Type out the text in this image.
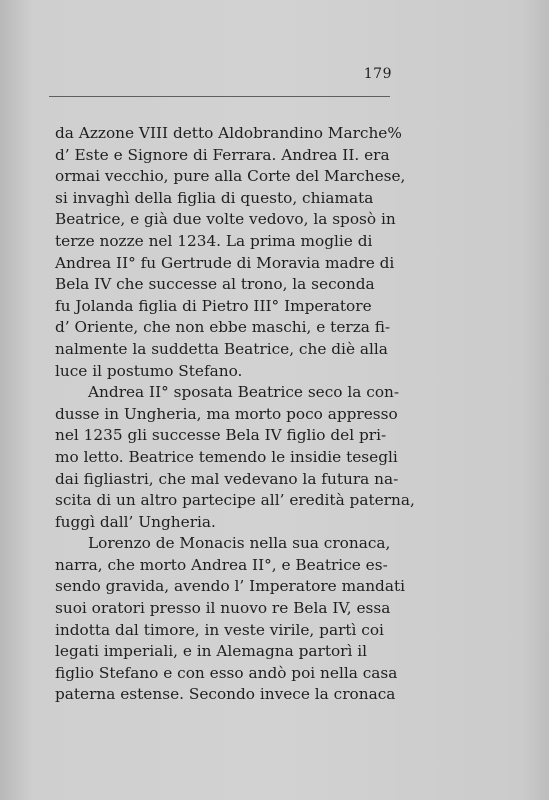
179

da Azzone VIII detto Aldobrandino Marche%
d’ Este e Signore di Ferrara. Andrea II. era
ormai vecchio, pure alla Corte del Marchese,
si invaghì della figlia di questo, chiamata
Beatrice, e già due volte vedovo, la sposò in
terze nozze nel 1234. La prima moglie di
Andrea II° fu Gertrude di Moravia madre di
Bela IV che successe al trono, la seconda
fu Jolanda figlia di Pietro III° Imperatore
d’ Oriente, che non ebbe maschi, e terza fi-
nalmente la suddetta Beatrice, che diè alla
luce il postumo Stefano.

Andrea II° sposata Beatrice seco la con-
dusse in Ungheria, ma morto poco appresso
nel 1235 gli successe Bela IV figlio del pri-
mo letto. Beatrice temendo le insidie tesegli
dai figliastri, che mal vedevano la futura na-
scita di un altro partecipe all’ eredità paterna,
fuggì dall’ Ungheria.

Lorenzo de Monacis nella sua cronaca,
narra, che morto Andrea II°, e Beatrice es-
sendo gravida, avendo l’ Imperatore mandati
suoi oratori presso il nuovo re Bela IV, essa
indotta dal timore, in veste virile, partì coi
legati imperiali, e in Alemagna partorì il
figlio Stefano e con esso andò poi nella casa
paterna estense. Secondo invece la cronaca
